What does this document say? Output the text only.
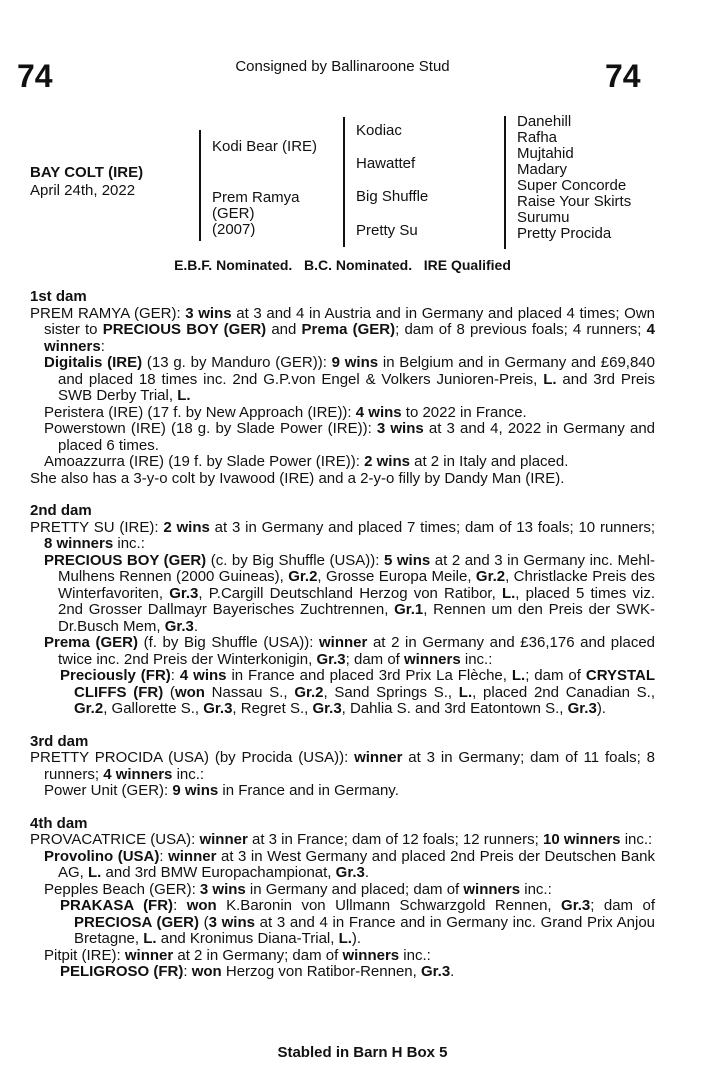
74	Consigned by Ballinaroone Stud	74
BAY COLT (IRE)
April 24th, 2022
Kodi Bear (IRE)
Prem Ramya
(GER)
(2007)
Kodiac
Hawattef
Big Shuffle
Pretty Su
Danehill
Rafha
Mujtahid
Madary
Super Concorde
Raise Your Skirts
Surumu
Pretty Procida
E.B.F. Nominated.   B.C. Nominated.   IRE Qualified
1st dam
PREM RAMYA (GER): 3 wins at 3 and 4 in Austria and in Germany and placed 4 times; Own sister to PRECIOUS BOY (GER) and Prema (GER); dam of 8 previous foals; 4 runners; 4 winners:
Digitalis (IRE) (13 g. by Manduro (GER)): 9 wins in Belgium and in Germany and £69,840 and placed 18 times inc. 2nd G.P.von Engel & Volkers Junioren-Preis, L. and 3rd Preis SWB Derby Trial, L.
Peristera (IRE) (17 f. by New Approach (IRE)): 4 wins to 2022 in France.
Powerstown (IRE) (18 g. by Slade Power (IRE)): 3 wins at 3 and 4, 2022 in Germany and placed 6 times.
Amoazzurra (IRE) (19 f. by Slade Power (IRE)): 2 wins at 2 in Italy and placed.
She also has a 3-y-o colt by Ivawood (IRE) and a 2-y-o filly by Dandy Man (IRE).
2nd dam
PRETTY SU (IRE): 2 wins at 3 in Germany and placed 7 times; dam of 13 foals; 10 runners; 8 winners inc.:
PRECIOUS BOY (GER) (c. by Big Shuffle (USA)): 5 wins at 2 and 3 in Germany inc. Mehl-Mulhens Rennen (2000 Guineas), Gr.2, Grosse Europa Meile, Gr.2, Christlacke Preis des Winterfavoriten, Gr.3, P.Cargill Deutschland Herzog von Ratibor, L., placed 5 times viz. 2nd Grosser Dallmayr Bayerisches Zuchtrennen, Gr.1, Rennen um den Preis der SWK-Dr.Busch Mem, Gr.3.
Prema (GER) (f. by Big Shuffle (USA)): winner at 2 in Germany and £36,176 and placed twice inc. 2nd Preis der Winterkonigin, Gr.3; dam of winners inc.:
Preciously (FR): 4 wins in France and placed 3rd Prix La Flèche, L.; dam of CRYSTAL CLIFFS (FR) (won Nassau S., Gr.2, Sand Springs S., L., placed 2nd Canadian S., Gr.2, Gallorette S., Gr.3, Regret S., Gr.3, Dahlia S. and 3rd Eatontown S., Gr.3).
3rd dam
PRETTY PROCIDA (USA) (by Procida (USA)): winner at 3 in Germany; dam of 11 foals; 8 runners; 4 winners inc.:
Power Unit (GER): 9 wins in France and in Germany.
4th dam
PROVACATRICE (USA): winner at 3 in France; dam of 12 foals; 12 runners; 10 winners inc.:
Provolino (USA): winner at 3 in West Germany and placed 2nd Preis der Deutschen Bank AG, L. and 3rd BMW Europachampionat, Gr.3.
Pepples Beach (GER): 3 wins in Germany and placed; dam of winners inc.:
PRAKASA (FR): won K.Baronin von Ullmann Schwarzgold Rennen, Gr.3; dam of PRECIOSA (GER) (3 wins at 3 and 4 in France and in Germany inc. Grand Prix Anjou Bretagne, L. and Kronimus Diana-Trial, L.).
Pitpit (IRE): winner at 2 in Germany; dam of winners inc.:
PELIGROSO (FR): won Herzog von Ratibor-Rennen, Gr.3.
Stabled in Barn H Box 5
